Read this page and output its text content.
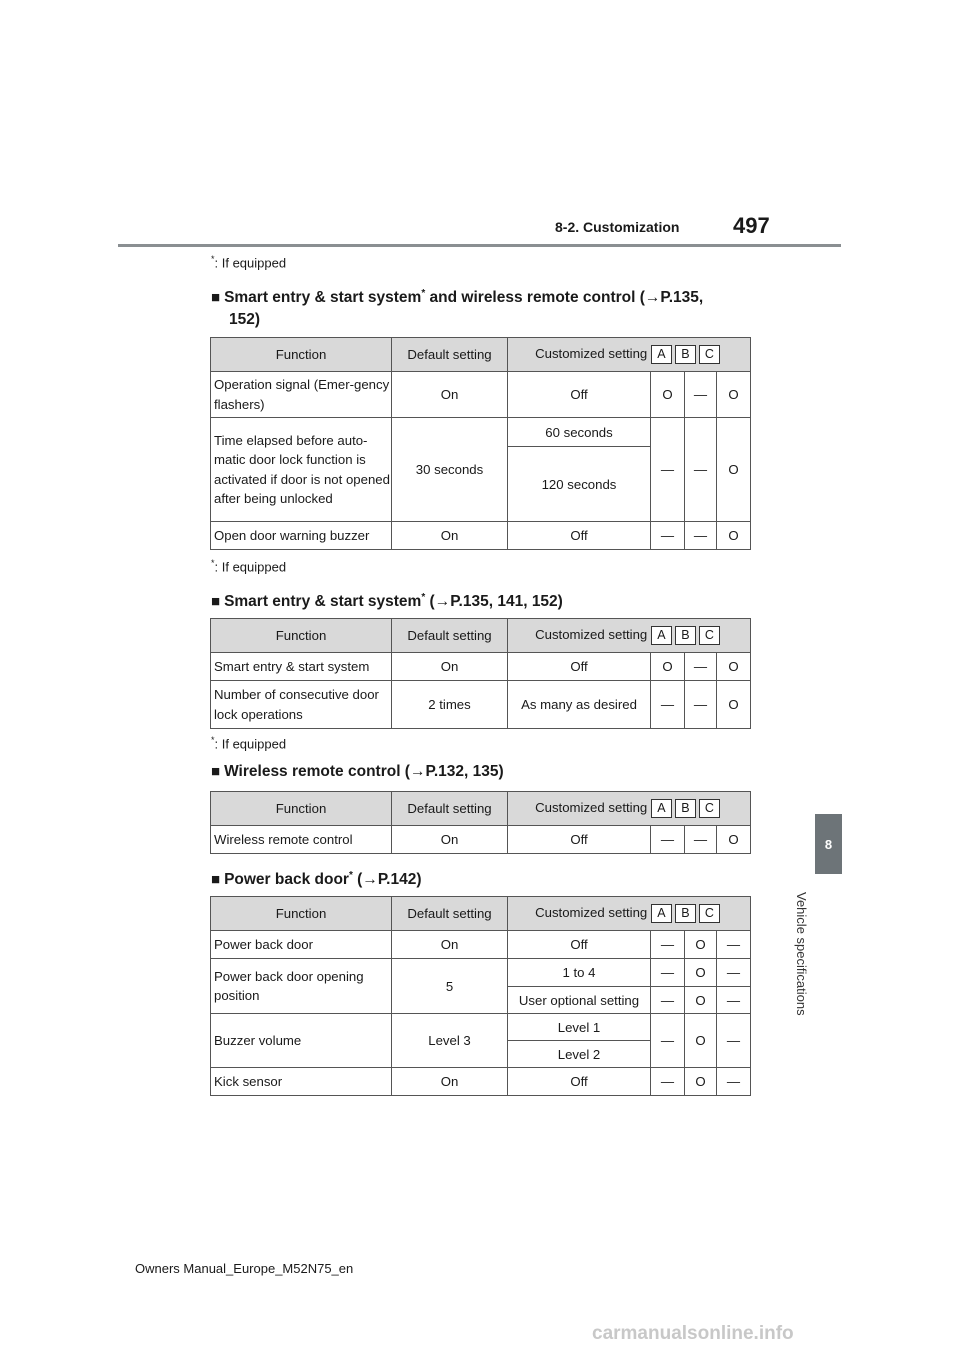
8-2. Customization 497
8
Vehicle specifications
*: If equipped
■ Smart entry & start system* and wireless remote control (→P.135,
152)
Function	Default setting	Customized setting A B C			
Operation signal (Emer-gency flashers)	On	Off	O	—	O
Time elapsed before auto-matic door lock function is activated if door is not opened after being unlocked	30 seconds	60 seconds	—	—	O
		120 seconds			
Open door warning buzzer	On	Off	—	—	O
*: If equipped
■ Smart entry & start system* (→P.135, 141, 152)
Function	Default setting	Customized setting A B C			
Smart entry & start system	On	Off	O	—	O
Number of consecutive door lock operations	2 times	As many as desired	—	—	O
*: If equipped
■ Wireless remote control (→P.132, 135)
Function	Default setting	Customized setting A B C			
Wireless remote control	On	Off	—	—	O
■ Power back door* (→P.142)
Function	Default setting	Customized setting A B C			
Power back door	On	Off	—	O	—
Power back door opening position	5	1 to 4	—	O	—
		User optional setting	—	O	—
Buzzer volume	Level 3	Level 1	—	O	—
		Level 2			
Kick sensor	On	Off	—	O	—
Owners Manual_Europe_M52N75_en
carmanualsonline.info
